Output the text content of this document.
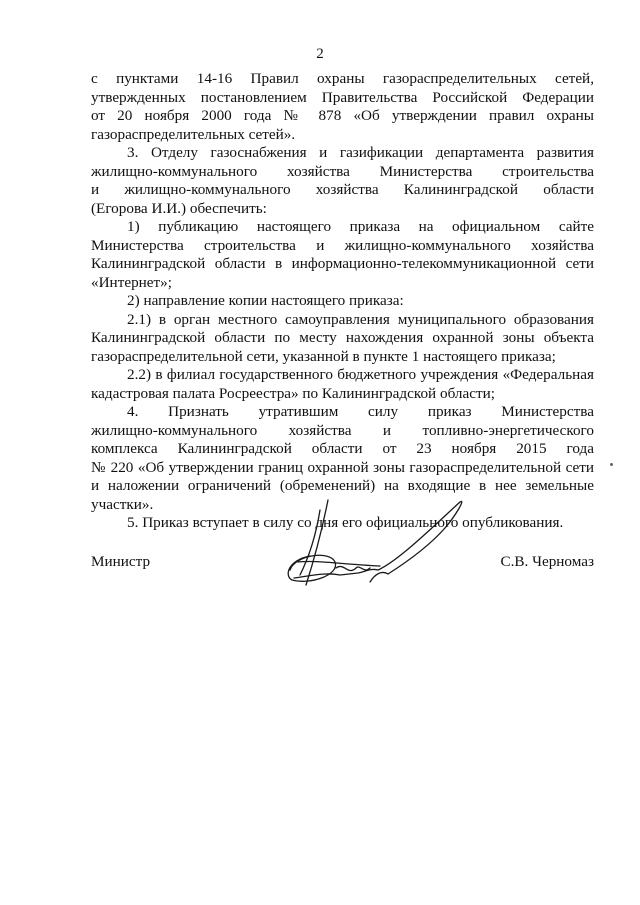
2

с пунктами 14-16 Правил охраны газораспределительных сетей,

утвержденных постановлением Правительства Российской Федерации

от 20 ноября 2000 года № 878 «Об утверждении правил охраны

газораспределительных сетей».

3. Отделу газоснабжения и газификации департамента развития

жилищно-коммунального хозяйства Министерства строительства

и жилищно-коммунального хозяйства Калининградской области

(Егорова И.И.) обеспечить:

1) публикацию настоящего приказа на официальном сайте

Министерства строительства и жилищно-коммунального хозяйства

Калининградской области в информационно-телекоммуникационной сети

«Интернет»;

2) направление копии настоящего приказа:

2.1) в орган местного самоуправления муниципального образования

Калининградской области по месту нахождения охранной зоны объекта

газораспределительной сети, указанной в пункте 1 настоящего приказа;

2.2) в филиал государственного бюджетного учреждения «Федеральная

кадастровая палата Росреестра» по Калининградской области;

4. Признать утратившим силу приказ Министерства

жилищно-коммунального хозяйства и топливно-энергетического

комплекса Калининградской области от 23 ноября 2015 года

№ 220 «Об утверждении границ охранной зоны газораспределительной сети

и наложении ограничений (обременений) на входящие в нее земельные

участки».

5. Приказ вступает в силу со дня его официального опубликования.

Министр	С.В. Черномаз
